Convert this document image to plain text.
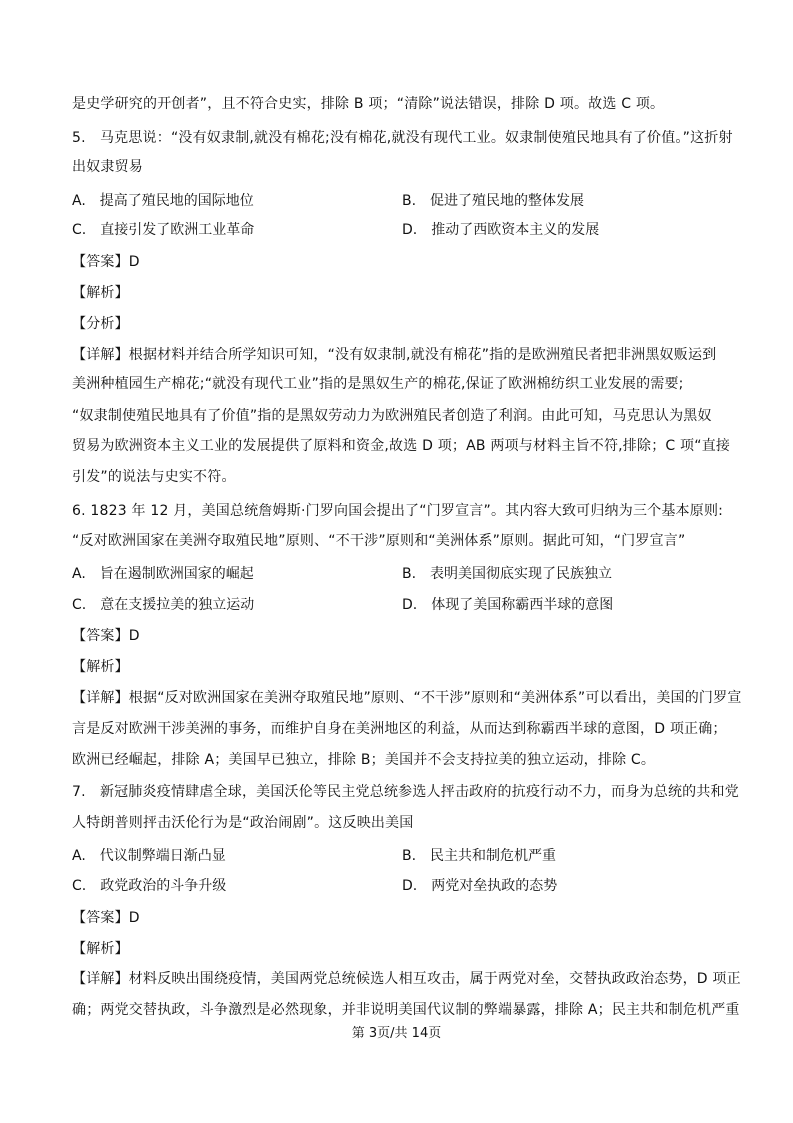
是史学研究的开创者”，且不符合史实，排除 B 项；“清除”说法错误，排除 D 项。故选 C 项。
5.　马克思说：“没有奴隶制,就没有棉花;没有棉花,就没有现代工业。奴隶制使殖民地具有了价值。”这折射
出奴隶贸易
A.　提高了殖民地的国际地位	B.　促进了殖民地的整体发展
C.　直接引发了欧洲工业革命	D.　推动了西欧资本主义的发展
【答案】D
【解析】
【分析】
【详解】根据材料并结合所学知识可知，“没有奴隶制,就没有棉花”指的是欧洲殖民者把非洲黑奴贩运到
美洲种植园生产棉花;“就没有现代工业”指的是黑奴生产的棉花,保证了欧洲棉纺织工业发展的需要;
“奴隶制使殖民地具有了价值”指的是黑奴劳动力为欧洲殖民者创造了利润。由此可知，马克思认为黑奴
贸易为欧洲资本主义工业的发展提供了原料和资金,故选 D 项；AB 两项与材料主旨不符,排除；C 项“直接
引发”的说法与史实不符。
6. 1823 年 12 月，美国总统詹姆斯·门罗向国会提出了“门罗宣言”。其内容大致可归纳为三个基本原则:
“反对欧洲国家在美洲夺取殖民地”原则、“不干涉”原则和“美洲体系”原则。据此可知，“门罗宣言”
A.　旨在遏制欧洲国家的崛起	B.　表明美国彻底实现了民族独立
C.　意在支援拉美的独立运动	D.　体现了美国称霸西半球的意图
【答案】D
【解析】
【详解】根据“反对欧洲国家在美洲夺取殖民地”原则、“不干涉”原则和“美洲体系”可以看出，美国的门罗宣
言是反对欧洲干涉美洲的事务，而维护自身在美洲地区的利益，从而达到称霸西半球的意图，D 项正确；
欧洲已经崛起，排除 A；美国早已独立，排除 B；美国并不会支持拉美的独立运动，排除 C。
7.　新冠肺炎疫情肆虐全球，美国沃伦等民主党总统参选人抨击政府的抗疫行动不力，而身为总统的共和党
人特朗普则抨击沃伦行为是“政治闹剧”。这反映出美国
A.　代议制弊端日渐凸显	B.　民主共和制危机严重
C.　政党政治的斗争升级	D.　两党对垒执政的态势
【答案】D
【解析】
【详解】材料反映出围绕疫情，美国两党总统候选人相互攻击，属于两党对垒，交替执政政治态势，D 项正
确；两党交替执政，斗争激烈是必然现象，并非说明美国代议制的弊端暴露，排除 A；民主共和制危机严重
第 3页/共 14页
